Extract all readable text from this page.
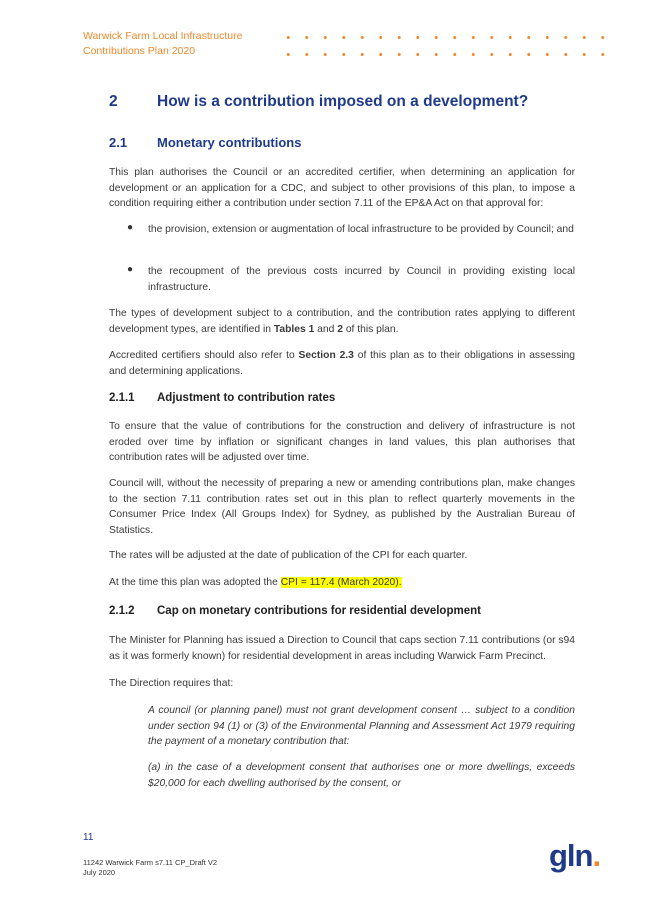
Warwick Farm Local Infrastructure
Contributions Plan 2020
2	How is a contribution imposed on a development?
2.1 Monetary contributions

This plan authorises the Council or an accredited certifier, when determining an application for development or an application for a CDC, and subject to other provisions of this plan, to impose a condition requiring either a contribution under section 7.11 of the EP&A Act on that approval for:

● the provision, extension or augmentation of local infrastructure to be provided by Council; and

● the recoupment of the previous costs incurred by Council in providing existing local infrastructure.

The types of development subject to a contribution, and the contribution rates applying to different development types, are identified in Tables 1 and 2 of this plan.

Accredited certifiers should also refer to Section 2.3 of this plan as to their obligations in assessing and determining applications.

2.1.1 Adjustment to contribution rates

To ensure that the value of contributions for the construction and delivery of infrastructure is not eroded over time by inflation or significant changes in land values, this plan authorises that contribution rates will be adjusted over time.

Council will, without the necessity of preparing a new or amending contributions plan, make changes to the section 7.11 contribution rates set out in this plan to reflect quarterly movements in the Consumer Price Index (All Groups Index) for Sydney, as published by the Australian Bureau of Statistics.

The rates will be adjusted at the date of publication of the CPI for each quarter.

At the time this plan was adopted the CPI = 117.4 (March 2020).

2.1.2 Cap on monetary contributions for residential development

The Minister for Planning has issued a Direction to Council that caps section 7.11 contributions (or s94 as it was formerly known) for residential development in areas including Warwick Farm Precinct.

The Direction requires that:

A council (or planning panel) must not grant development consent … subject to a condition under section 94 (1) or (3) of the Environmental Planning and Assessment Act 1979 requiring the payment of a monetary contribution that:

(a) in the case of a development consent that authorises one or more dwellings, exceeds $20,000 for each dwelling authorised by the consent, or

11
11242 Warwick Farm s7.11 CP_Draft V2
July 2020	gln.
